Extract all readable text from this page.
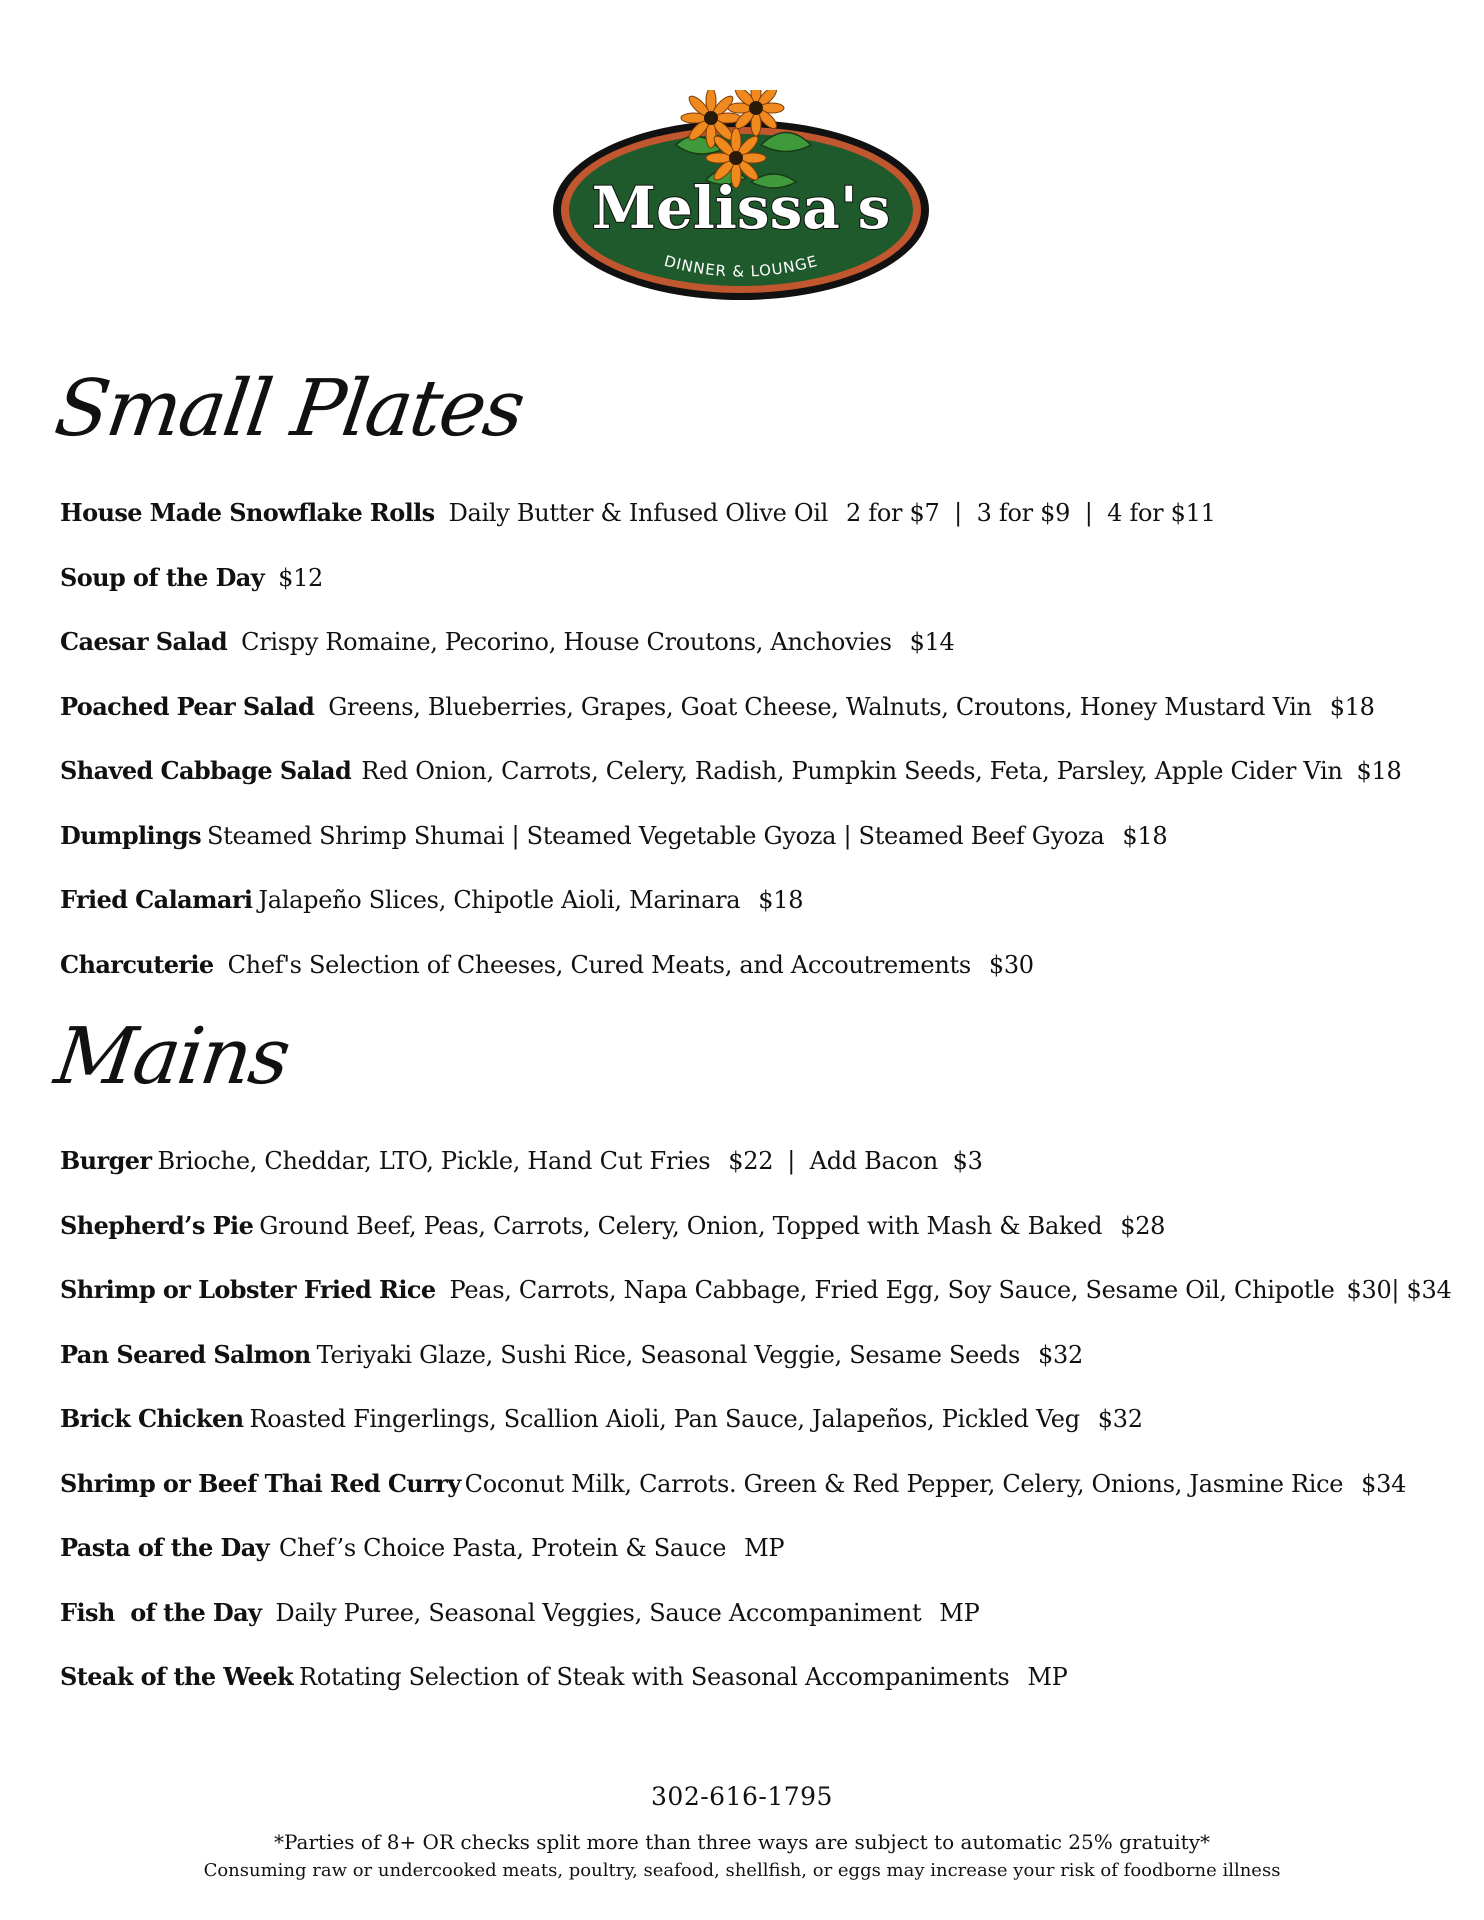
Melissa's
DINNER & LOUNGE
Small Plates
House Made Snowflake Rolls Daily Butter & Infused Olive Oil 2 for $7  |  3 for $9  |  4 for $11
Soup of the Day $12
Caesar Salad Crispy Romaine, Pecorino, House Croutons, Anchovies $14
Poached Pear Salad Greens, Blueberries, Grapes, Goat Cheese, Walnuts, Croutons, Honey Mustard Vin $18
Shaved Cabbage Salad Red Onion, Carrots, Celery, Radish, Pumpkin Seeds, Feta, Parsley, Apple Cider Vin $18
Dumplings Steamed Shrimp Shumai | Steamed Vegetable Gyoza | Steamed Beef Gyoza $18
Fried Calamari Jalapeño Slices, Chipotle Aioli, Marinara $18
Charcuterie Chef's Selection of Cheeses, Cured Meats, and Accoutrements $30
Mains
Burger Brioche, Cheddar, LTO, Pickle, Hand Cut Fries $22 |  Add Bacon  $3
Shepherd’s Pie Ground Beef, Peas, Carrots, Celery, Onion, Topped with Mash & Baked $28
Shrimp or Lobster Fried Rice Peas, Carrots, Napa Cabbage, Fried Egg, Soy Sauce, Sesame Oil, Chipotle $30| $34
Pan Seared Salmon Teriyaki Glaze, Sushi Rice, Seasonal Veggie, Sesame Seeds $32
Brick Chicken Roasted Fingerlings, Scallion Aioli, Pan Sauce, Jalapeños, Pickled Veg $32
Shrimp or Beef Thai Red Curry Coconut Milk, Carrots. Green & Red Pepper, Celery, Onions, Jasmine Rice $34
Pasta of the Day Chef’s Choice Pasta, Protein & Sauce MP
Fish  of the Day Daily Puree, Seasonal Veggies, Sauce Accompaniment MP
Steak of the Week Rotating Selection of Steak with Seasonal Accompaniments MP
302-616-1795
*Parties of 8+ OR checks split more than three ways are subject to automatic 25% gratuity*
Consuming raw or undercooked meats, poultry, seafood, shellfish, or eggs may increase your risk of foodborne illness
